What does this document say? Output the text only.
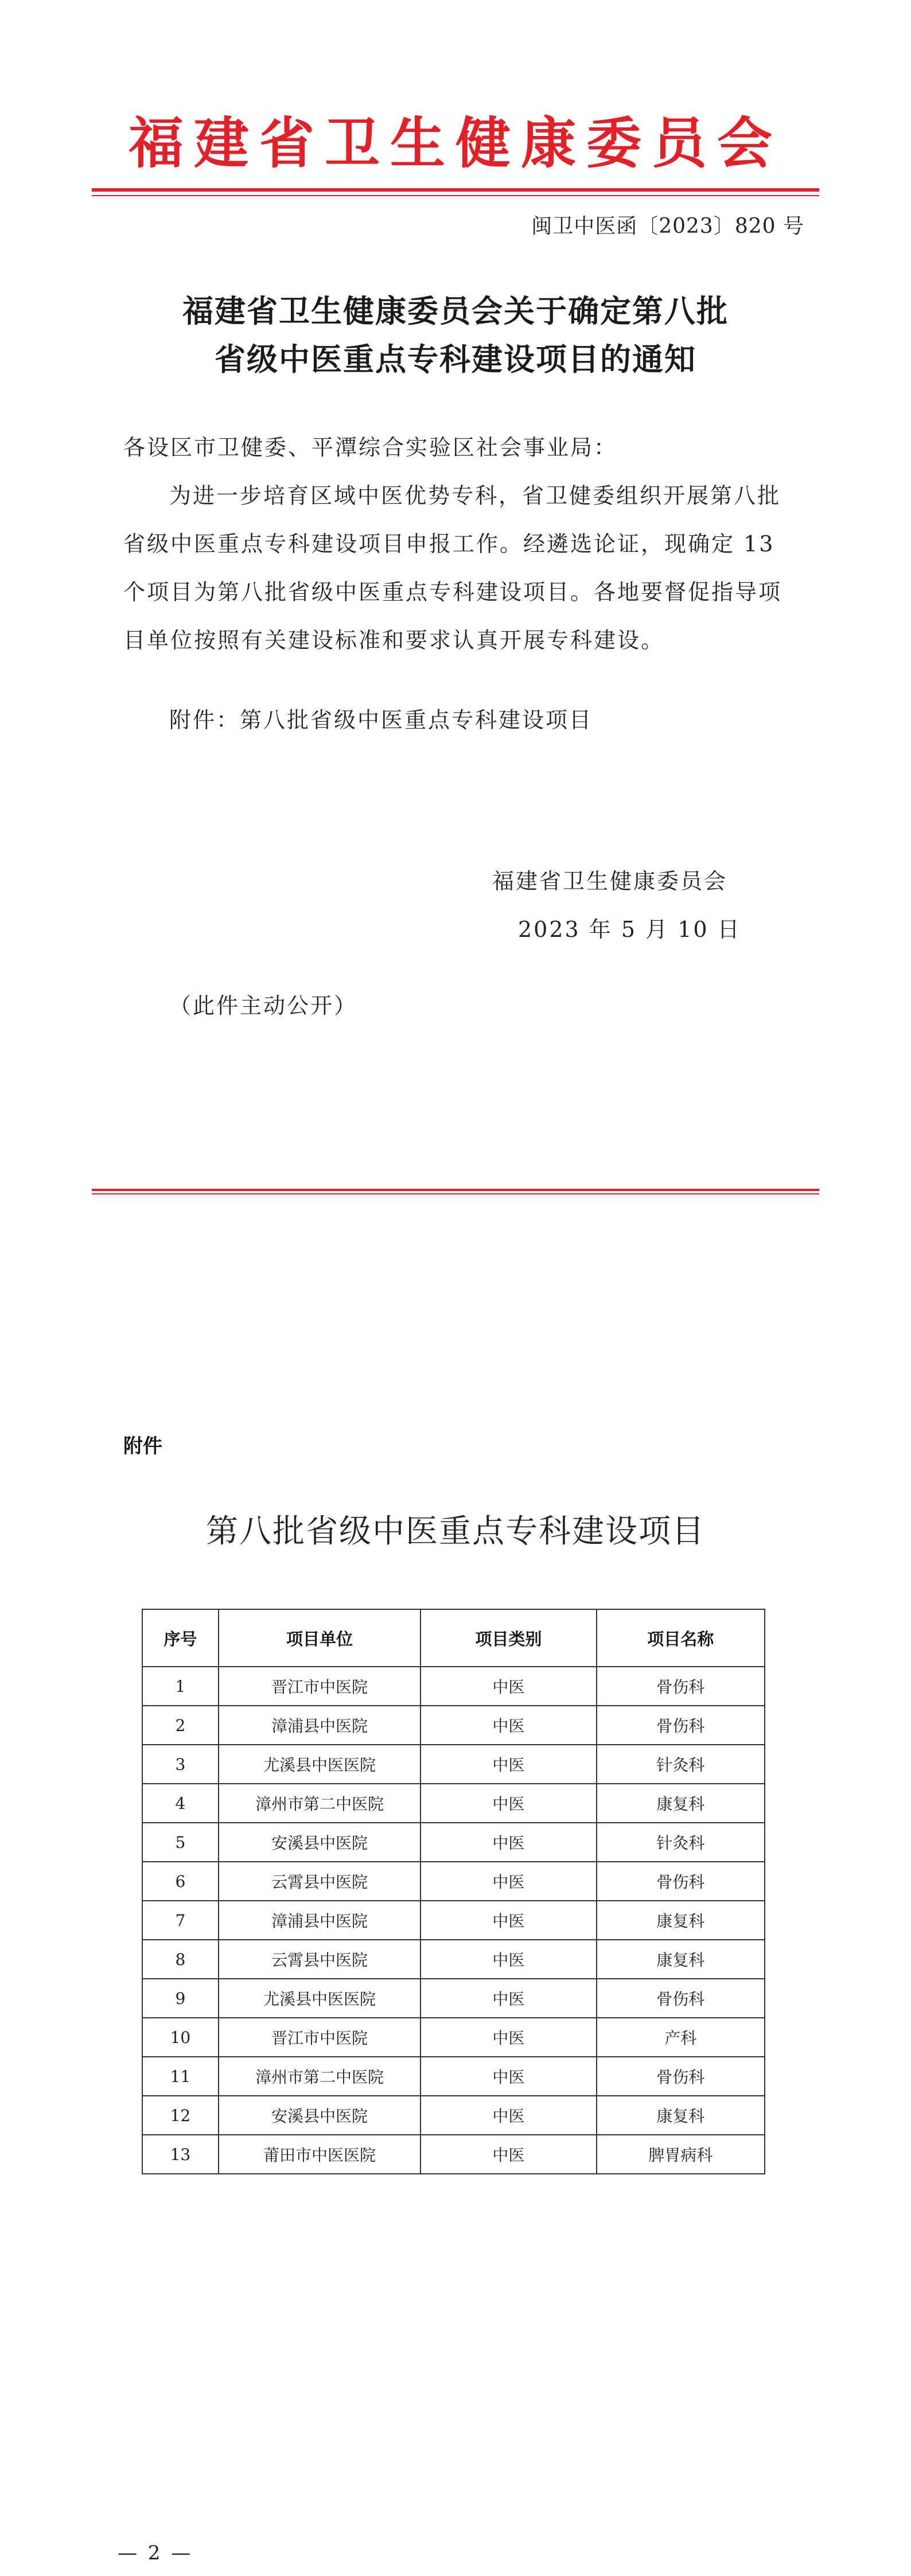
福建省卫生健康委员会
闽卫中医函〔2023〕820 号
福建省卫生健康委员会关于确定第八批
省级中医重点专科建设项目的通知
各设区市卫健委、平潭综合实验区社会事业局：
为进一步培育区域中医优势专科，省卫健委组织开展第八批
省级中医重点专科建设项目申报工作。经遴选论证，现确定 13
个项目为第八批省级中医重点专科建设项目。各地要督促指导项
目单位按照有关建设标准和要求认真开展专科建设。
附件：第八批省级中医重点专科建设项目
福建省卫生健康委员会
2023 年 5 月 10 日
（此件主动公开）
附件
第八批省级中医重点专科建设项目
序号	项目单位	项目类别	项目名称
1	晋江市中医院	中医	骨伤科
2	漳浦县中医院	中医	骨伤科
3	尤溪县中医医院	中医	针灸科
4	漳州市第二中医院	中医	康复科
5	安溪县中医院	中医	针灸科
6	云霄县中医院	中医	骨伤科
7	漳浦县中医院	中医	康复科
8	云霄县中医院	中医	康复科
9	尤溪县中医医院	中医	骨伤科
10	晋江市中医院	中医	产科
11	漳州市第二中医院	中医	骨伤科
12	安溪县中医院	中医	康复科
13	莆田市中医医院	中医	脾胃病科
— 2 —
